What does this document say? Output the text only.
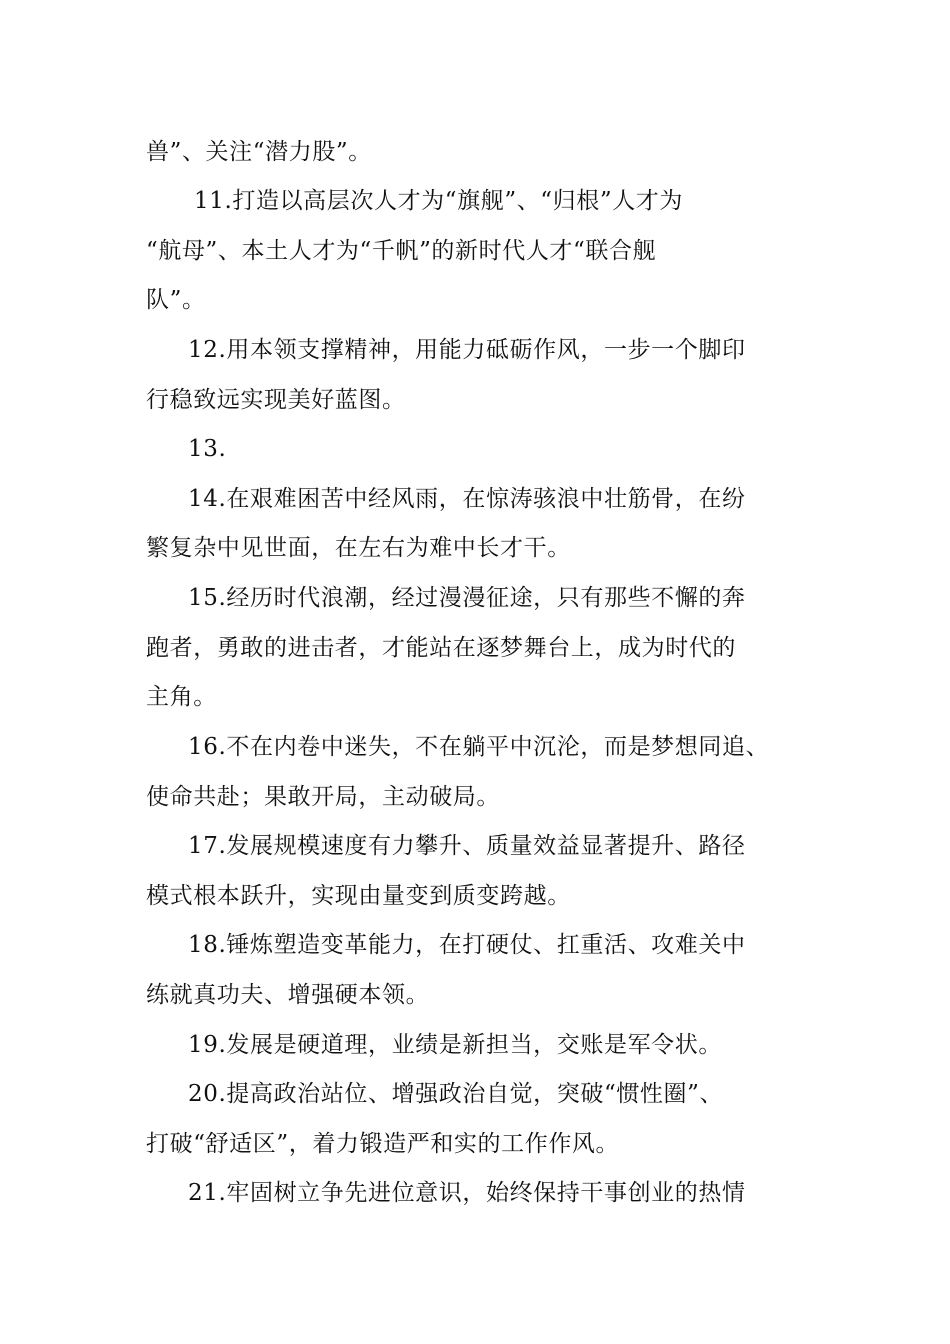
兽”、关注“潜力股”。
11.打造以高层次人才为“旗舰”、“归根”人才为
“航母”、本土人才为“千帆”的新时代人才“联合舰
队”。
12.用本领支撑精神，用能力砥砺作风，一步一个脚印
行稳致远实现美好蓝图。
13.
14.在艰难困苦中经风雨，在惊涛骇浪中壮筋骨，在纷
繁复杂中见世面，在左右为难中长才干。
15.经历时代浪潮，经过漫漫征途，只有那些不懈的奔
跑者，勇敢的进击者，才能站在逐梦舞台上，成为时代的
主角。
16.不在内卷中迷失，不在躺平中沉沦，而是梦想同追、
使命共赴；果敢开局，主动破局。
17.发展规模速度有力攀升、质量效益显著提升、路径
模式根本跃升，实现由量变到质变跨越。
18.锤炼塑造变革能力，在打硬仗、扛重活、攻难关中
练就真功夫、增强硬本领。
19.发展是硬道理，业绩是新担当，交账是军令状。
20.提高政治站位、增强政治自觉，突破“惯性圈”、
打破“舒适区”，着力锻造严和实的工作作风。
21.牢固树立争先进位意识，始终保持干事创业的热情
